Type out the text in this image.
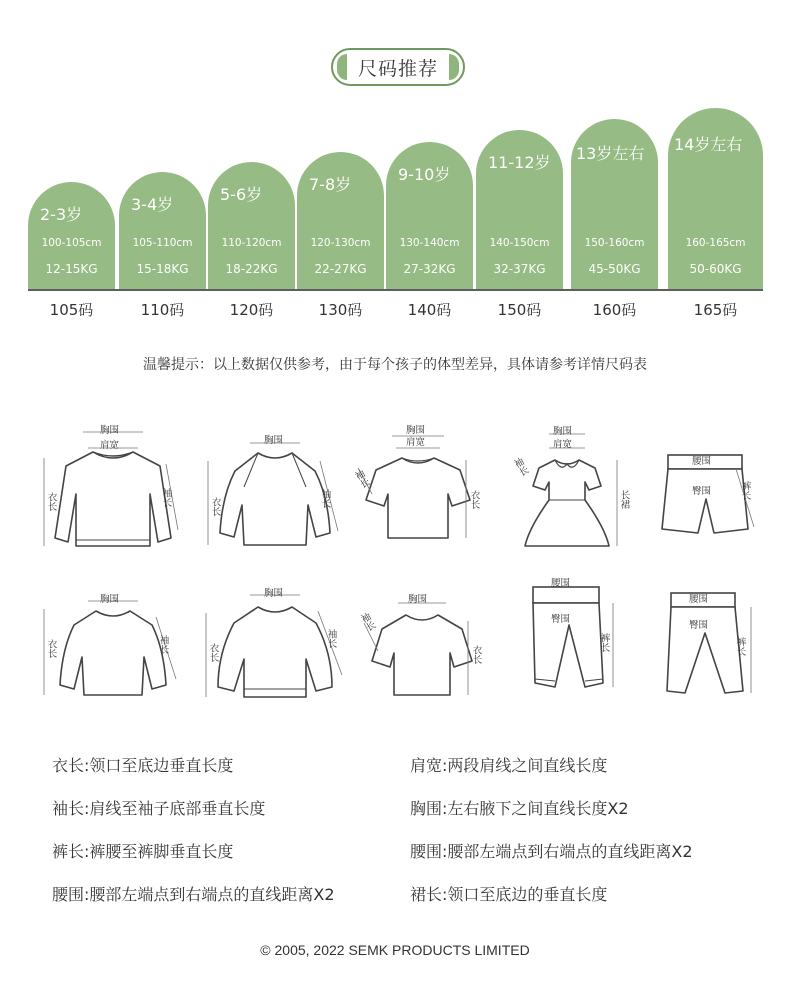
尺码推荐
2-3岁
100-105cm
12-15KG
3-4岁
105-110cm
15-18KG
5-6岁
110-120cm
18-22KG
7-8岁
120-130cm
22-27KG
9-10岁
130-140cm
27-32KG
11-12岁
140-150cm
32-37KG
13岁左右
150-160cm
45-50KG
14岁左右
160-165cm
50-60KG
105码	110码	120码	130码	140码	150码	160码	165码
温馨提示：以上数据仅供参考，由于每个孩子的体型差异，具体请参考详情尺码表
胸围
肩宽
衣长	袖长
胸围
衣长	袖长
胸围
肩宽
衣长
袖长
胸围
肩宽
长裙
袖长	腰围
臀围	裤长
胸围
衣长	袖长
胸围
衣长
袖长
胸围
衣长
袖长
腰围
臀围
裤长
腰围
臀围
裤长
衣长:领口至底边垂直长度
袖长:肩线至袖子底部垂直长度
裤长:裤腰至裤脚垂直长度
腰围:腰部左端点到右端点的直线距离X2
肩宽:两段肩线之间直线长度
胸围:左右腋下之间直线长度X2
腰围:腰部左端点到右端点的直线距离X2
裙长:领口至底边的垂直长度
© 2005, 2022 SEMK PRODUCTS LIMITED
